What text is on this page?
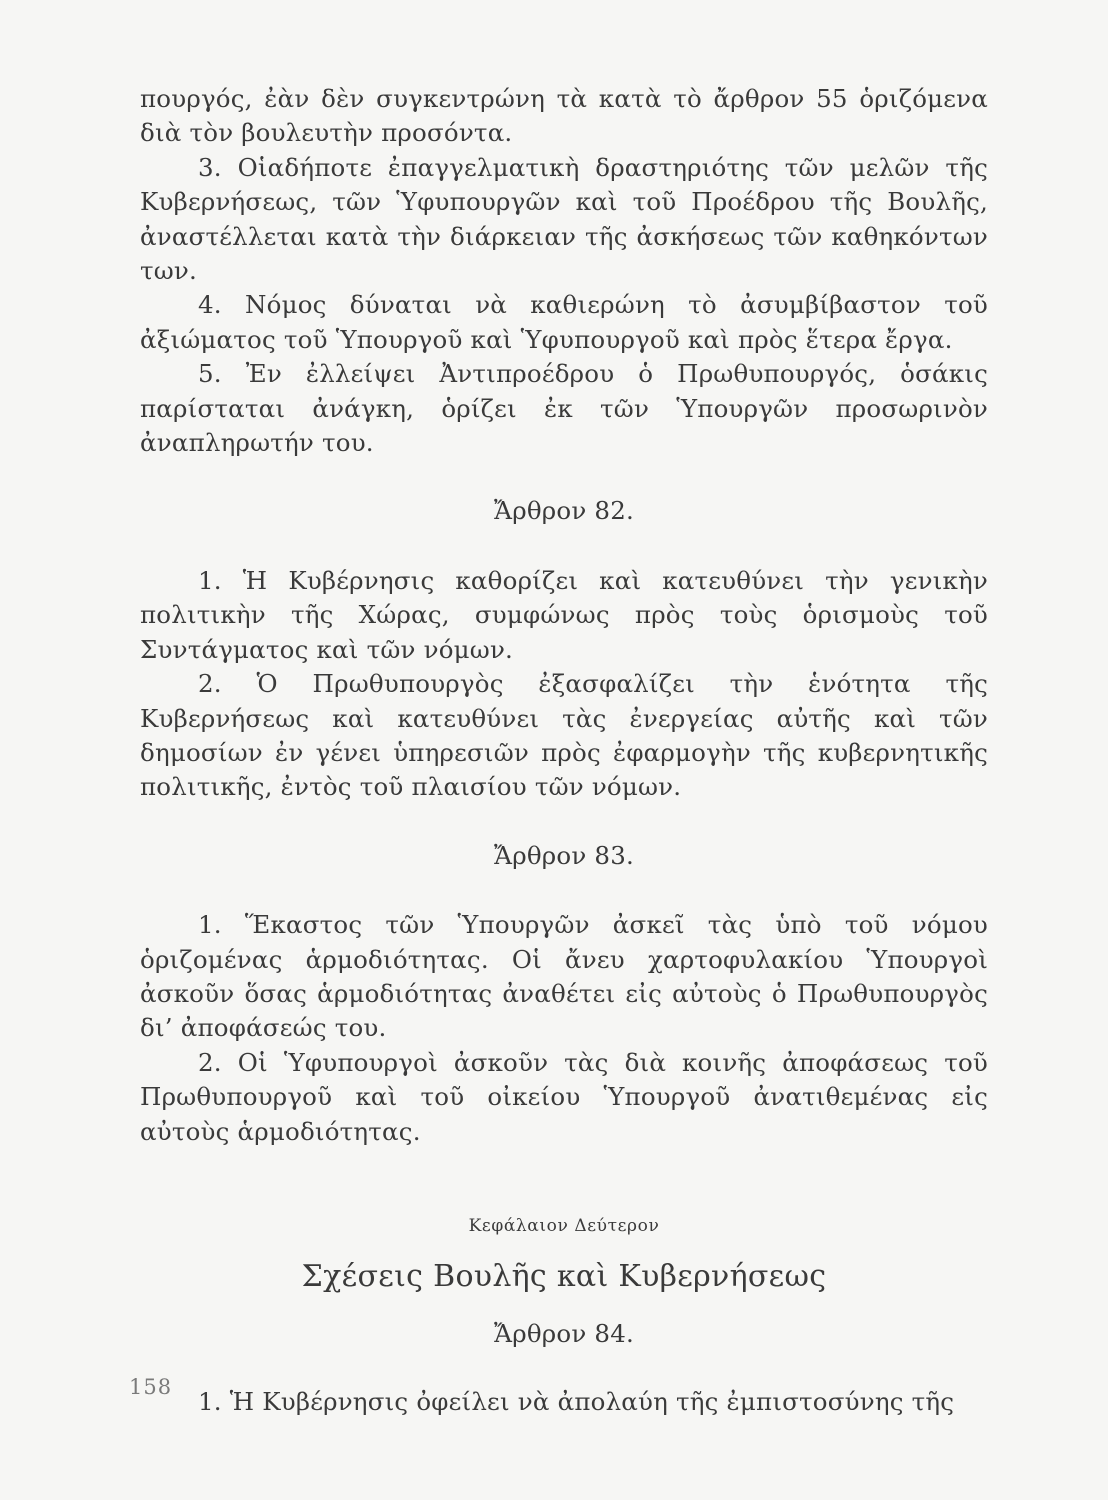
πουργός, ἐὰν δὲν συγκεντρώνη τὰ κατὰ τὸ ἄρθρον 55 ὁριζόμενα διὰ τὸν βουλευτὴν προσόντα.

3. Οἱαδήποτε ἐπαγγελματικὴ δραστηριότης τῶν μελῶν τῆς Κυβερνήσεως, τῶν Ὑφυπουργῶν καὶ τοῦ Προέδρου τῆς Βουλῆς, ἀναστέλλεται κατὰ τὴν διάρκειαν τῆς ἀσκήσεως τῶν καθηκόντων των.

4. Νόμος δύναται νὰ καθιερώνη τὸ ἀσυμβίβαστον τοῦ ἀξιώματος τοῦ Ὑπουργοῦ καὶ Ὑφυπουργοῦ καὶ πρὸς ἕτερα ἔργα.

5. Ἐν ἐλλείψει Ἀντιπροέδρου ὁ Πρωθυπουργός, ὁσάκις παρίσταται ἀνάγκη, ὁρίζει ἐκ τῶν Ὑπουργῶν προσωρινὸν ἀναπληρωτήν του.

Ἄρθρον 82.

1. Ἡ Κυβέρνησις καθορίζει καὶ κατευθύνει τὴν γενικὴν πολιτικὴν τῆς Χώρας, συμφώνως πρὸς τοὺς ὁρισμοὺς τοῦ Συντάγματος καὶ τῶν νόμων.

2. Ὁ Πρωθυπουργὸς ἐξασφαλίζει τὴν ἑνότητα τῆς Κυβερνήσεως καὶ κατευθύνει τὰς ἐνεργείας αὐτῆς καὶ τῶν δημοσίων ἐν γένει ὑπηρεσιῶν πρὸς ἐφαρμογὴν τῆς κυβερνητικῆς πολιτικῆς, ἐντὸς τοῦ πλαισίου τῶν νόμων.

Ἄρθρον 83.

1. Ἕκαστος τῶν Ὑπουργῶν ἀσκεῖ τὰς ὑπὸ τοῦ νόμου ὁριζομένας ἁρμοδιότητας. Οἱ ἄνευ χαρτοφυλακίου Ὑπουργοὶ ἀσκοῦν ὅσας ἁρμοδιότητας ἀναθέτει εἰς αὐτοὺς ὁ Πρωθυπουργὸς δι’ ἀποφάσεώς του.

2. Οἱ Ὑφυπουργοὶ ἀσκοῦν τὰς διὰ κοινῆς ἀποφάσεως τοῦ Πρωθυπουργοῦ καὶ τοῦ οἰκείου Ὑπουργοῦ ἀνατιθεμένας εἰς αὐτοὺς ἁρμοδιότητας.

Κεφάλαιον Δεύτερον

Σχέσεις Βουλῆς καὶ Κυβερνήσεως

Ἄρθρον 84.

1. Ἡ Κυβέρνησις ὀφείλει νὰ ἀπολαύη τῆς ἐμπιστοσύνης τῆς

158
